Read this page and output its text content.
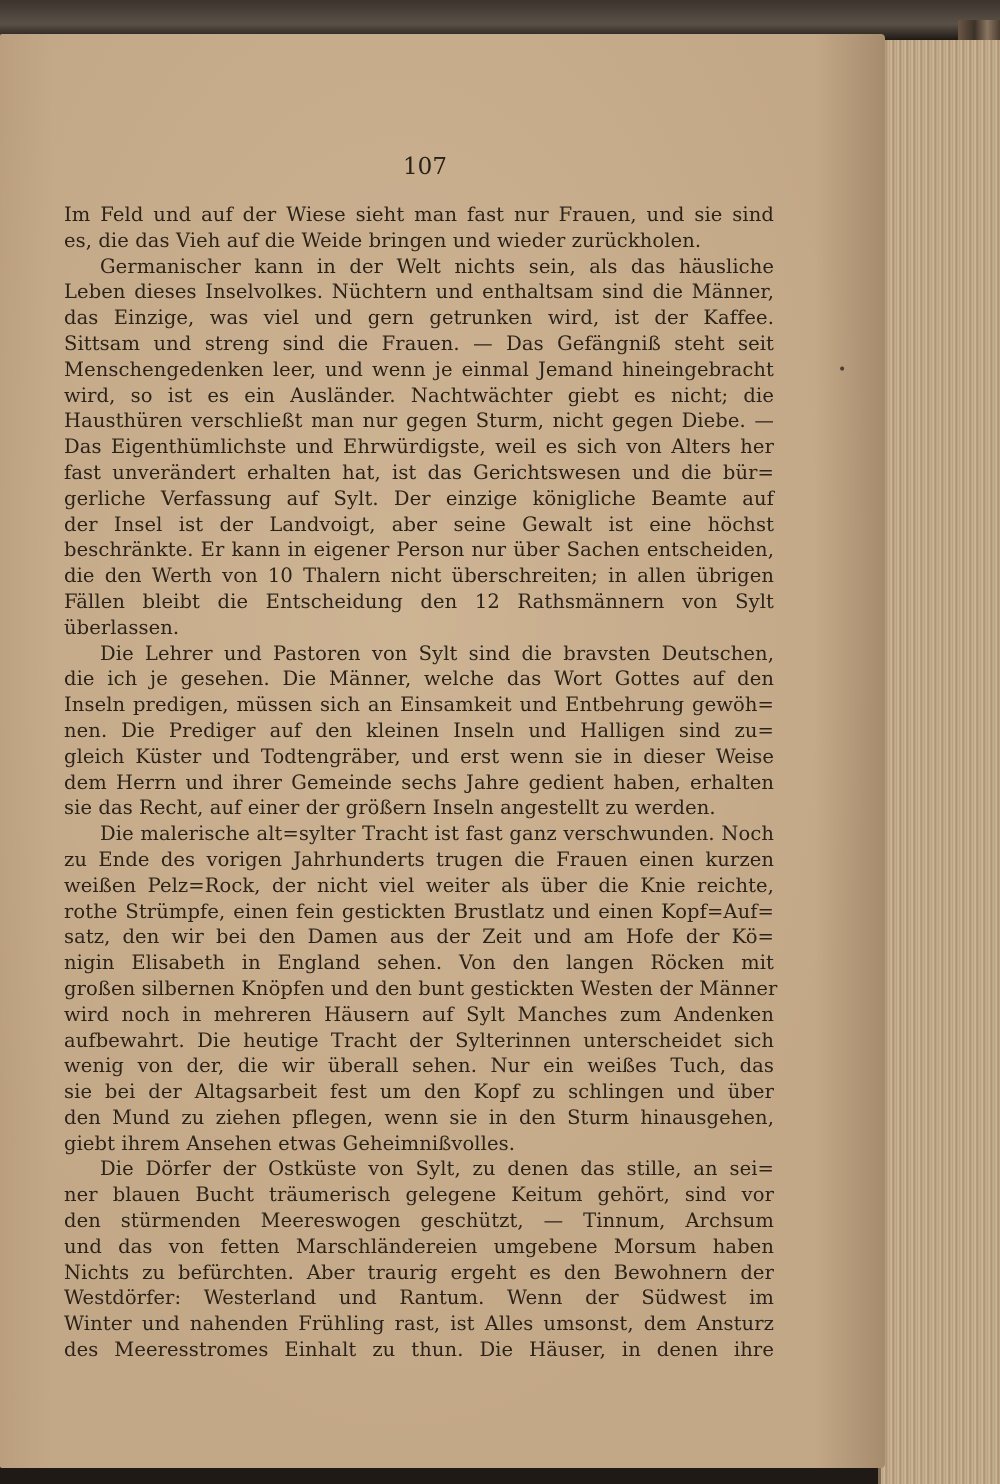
107
Im Feld und auf der Wiese sieht man fast nur Frauen, und sie sind
es, die das Vieh auf die Weide bringen und wieder zurückholen.
Germanischer kann in der Welt nichts sein, als das häusliche
Leben dieses Inselvolkes. Nüchtern und enthaltsam sind die Männer,
das Einzige, was viel und gern getrunken wird, ist der Kaffee.
Sittsam und streng sind die Frauen. — Das Gefängniß steht seit
Menschengedenken leer, und wenn je einmal Jemand hineingebracht
wird, so ist es ein Ausländer. Nachtwächter giebt es nicht; die
Hausthüren verschließt man nur gegen Sturm, nicht gegen Diebe. —
Das Eigenthümlichste und Ehrwürdigste, weil es sich von Alters her
fast unverändert erhalten hat, ist das Gerichtswesen und die bür=
gerliche Verfassung auf Sylt. Der einzige königliche Beamte auf
der Insel ist der Landvoigt, aber seine Gewalt ist eine höchst
beschränkte. Er kann in eigener Person nur über Sachen entscheiden,
die den Werth von 10 Thalern nicht überschreiten; in allen übrigen
Fällen bleibt die Entscheidung den 12 Rathsmännern von Sylt
überlassen.
Die Lehrer und Pastoren von Sylt sind die bravsten Deutschen,
die ich je gesehen. Die Männer, welche das Wort Gottes auf den
Inseln predigen, müssen sich an Einsamkeit und Entbehrung gewöh=
nen. Die Prediger auf den kleinen Inseln und Halligen sind zu=
gleich Küster und Todtengräber, und erst wenn sie in dieser Weise
dem Herrn und ihrer Gemeinde sechs Jahre gedient haben, erhalten
sie das Recht, auf einer der größern Inseln angestellt zu werden.
Die malerische alt=sylter Tracht ist fast ganz verschwunden. Noch
zu Ende des vorigen Jahrhunderts trugen die Frauen einen kurzen
weißen Pelz=Rock, der nicht viel weiter als über die Knie reichte,
rothe Strümpfe, einen fein gestickten Brustlatz und einen Kopf=Auf=
satz, den wir bei den Damen aus der Zeit und am Hofe der Kö=
nigin Elisabeth in England sehen. Von den langen Röcken mit
großen silbernen Knöpfen und den bunt gestickten Westen der Männer
wird noch in mehreren Häusern auf Sylt Manches zum Andenken
aufbewahrt. Die heutige Tracht der Sylterinnen unterscheidet sich
wenig von der, die wir überall sehen. Nur ein weißes Tuch, das
sie bei der Altagsarbeit fest um den Kopf zu schlingen und über
den Mund zu ziehen pflegen, wenn sie in den Sturm hinausgehen,
giebt ihrem Ansehen etwas Geheimnißvolles.
Die Dörfer der Ostküste von Sylt, zu denen das stille, an sei=
ner blauen Bucht träumerisch gelegene Keitum gehört, sind vor
den stürmenden Meereswogen geschützt, — Tinnum, Archsum
und das von fetten Marschländereien umgebene Morsum haben
Nichts zu befürchten. Aber traurig ergeht es den Bewohnern der
Westdörfer: Westerland und Rantum. Wenn der Südwest im
Winter und nahenden Frühling rast, ist Alles umsonst, dem Ansturz
des Meeresstromes Einhalt zu thun. Die Häuser, in denen ihre
•
